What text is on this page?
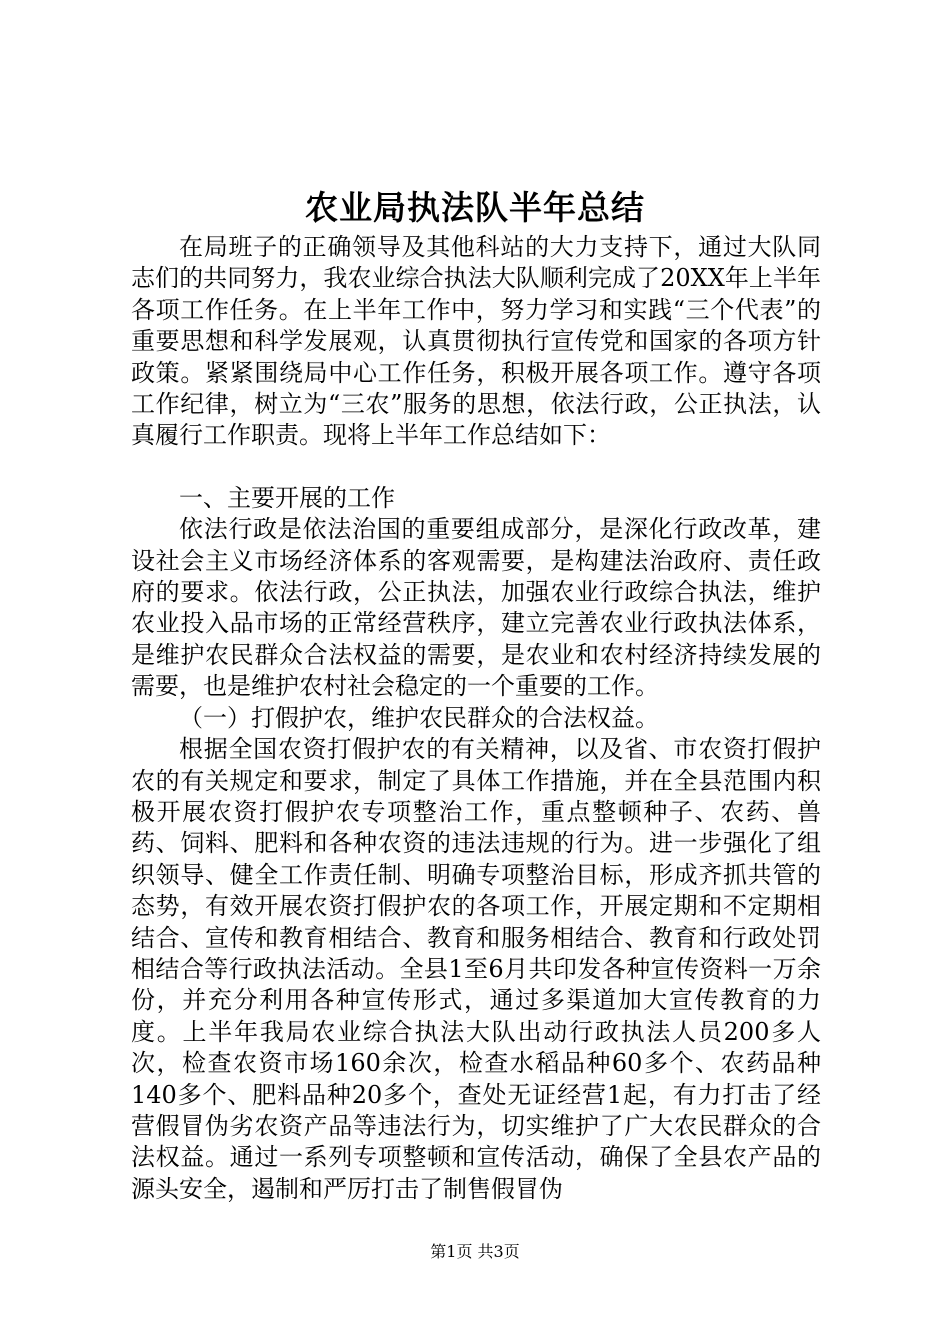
农业局执法队半年总结

在局班子的正确领导及其他科站的大力支持下，通过大队同志们的共同努力，我农业综合执法大队顺利完成了20XX年上半年各项工作任务。在上半年工作中，努力学习和实践“三个代表”的重要思想和科学发展观，认真贯彻执行宣传党和国家的各项方针政策。紧紧围绕局中心工作任务，积极开展各项工作。遵守各项工作纪律，树立为“三农”服务的思想，依法行政，公正执法，认真履行工作职责。现将上半年工作总结如下：

一、主要开展的工作

依法行政是依法治国的重要组成部分，是深化行政改革，建设社会主义市场经济体系的客观需要，是构建法治政府、责任政府的要求。依法行政，公正执法，加强农业行政综合执法，维护农业投入品市场的正常经营秩序，建立完善农业行政执法体系，是维护农民群众合法权益的需要，是农业和农村经济持续发展的需要，也是维护农村社会稳定的一个重要的工作。

（一）打假护农，维护农民群众的合法权益。

根据全国农资打假护农的有关精神，以及省、市农资打假护农的有关规定和要求，制定了具体工作措施，并在全县范围内积极开展农资打假护农专项整治工作，重点整顿种子、农药、兽药、饲料、肥料和各种农资的违法违规的行为。进一步强化了组织领导、健全工作责任制、明确专项整治目标，形成齐抓共管的态势，有效开展农资打假护农的各项工作，开展定期和不定期相结合、宣传和教育相结合、教育和服务相结合、教育和行政处罚相结合等行政执法活动。全县1至6月共印发各种宣传资料一万余份，并充分利用各种宣传形式，通过多渠道加大宣传教育的力度。上半年我局农业综合执法大队出动行政执法人员200多人次，检查农资市场160余次，检查水稻品种60多个、农药品种140多个、肥料品种20多个，查处无证经营1起，有力打击了经营假冒伪劣农资产品等违法行为，切实维护了广大农民群众的合法权益。通过一系列专项整顿和宣传活动，确保了全县农产品的源头安全，遏制和严厉打击了制售假冒伪

第1页 共3页
